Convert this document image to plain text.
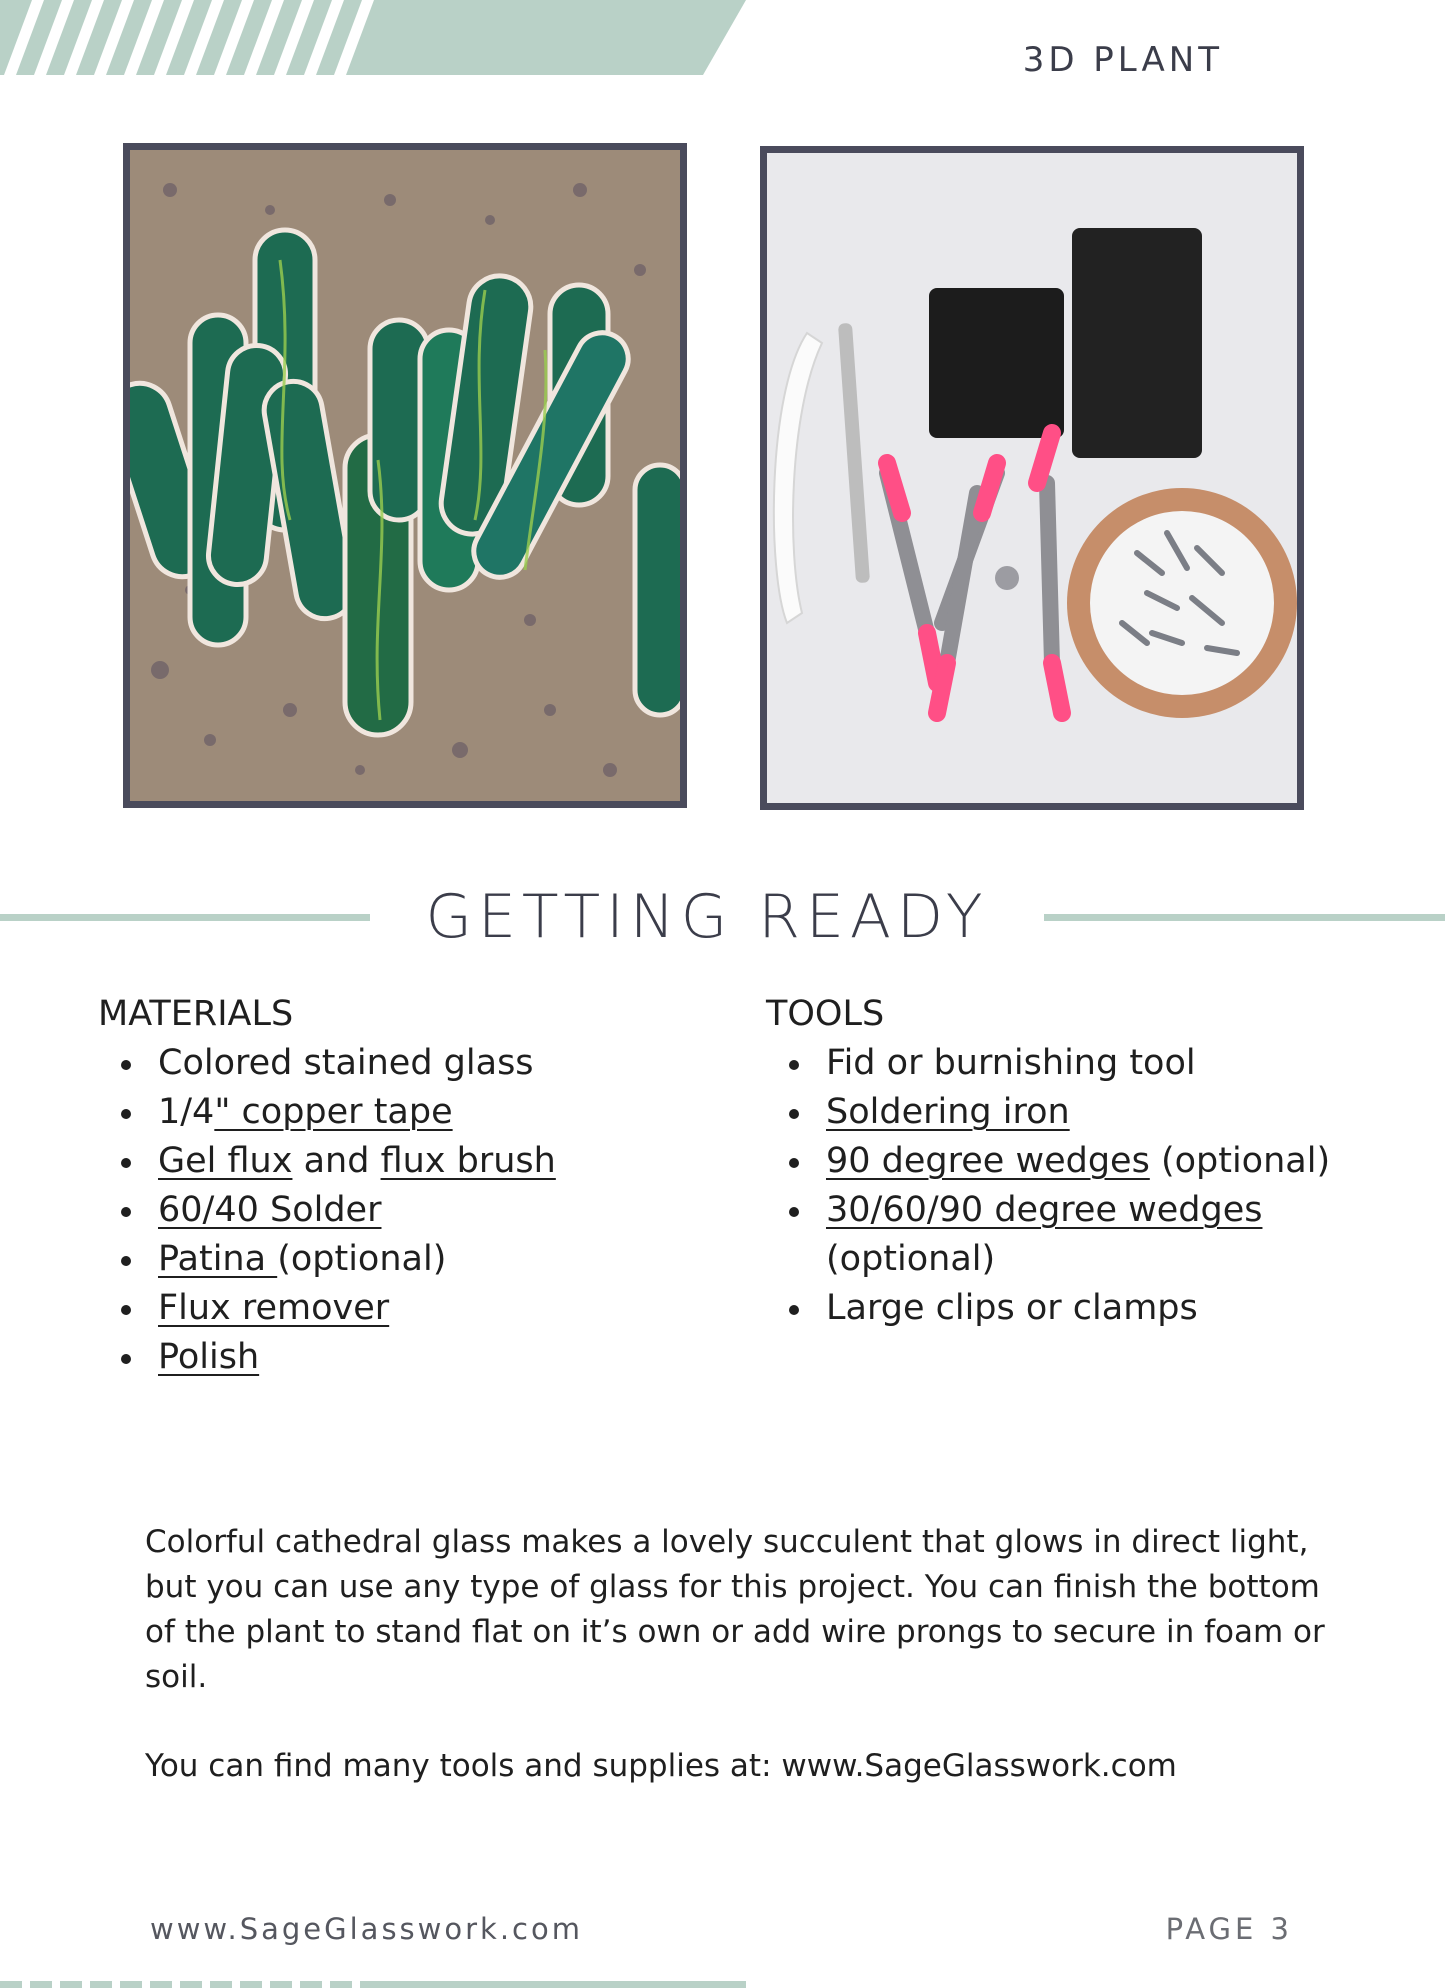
3D PLANT
GETTING READY
MATERIALS
Colored stained glass
1/4" copper tape
Gel flux and flux brush
60/40 Solder
Patina (optional)
Flux remover
Polish
TOOLS
Fid or burnishing tool
Soldering iron
90 degree wedges (optional)
30/60/90 degree wedges
(optional)
Large clips or clamps

Colorful cathedral glass makes a lovely succulent that glows in direct light, but you can use any type of glass for this project. You can finish the bottom of the plant to stand flat on it’s own or add wire prongs to secure in foam or soil.

You can find many tools and supplies at: www.SageGlasswork.com

www.SageGlasswork.com	PAGE 3
